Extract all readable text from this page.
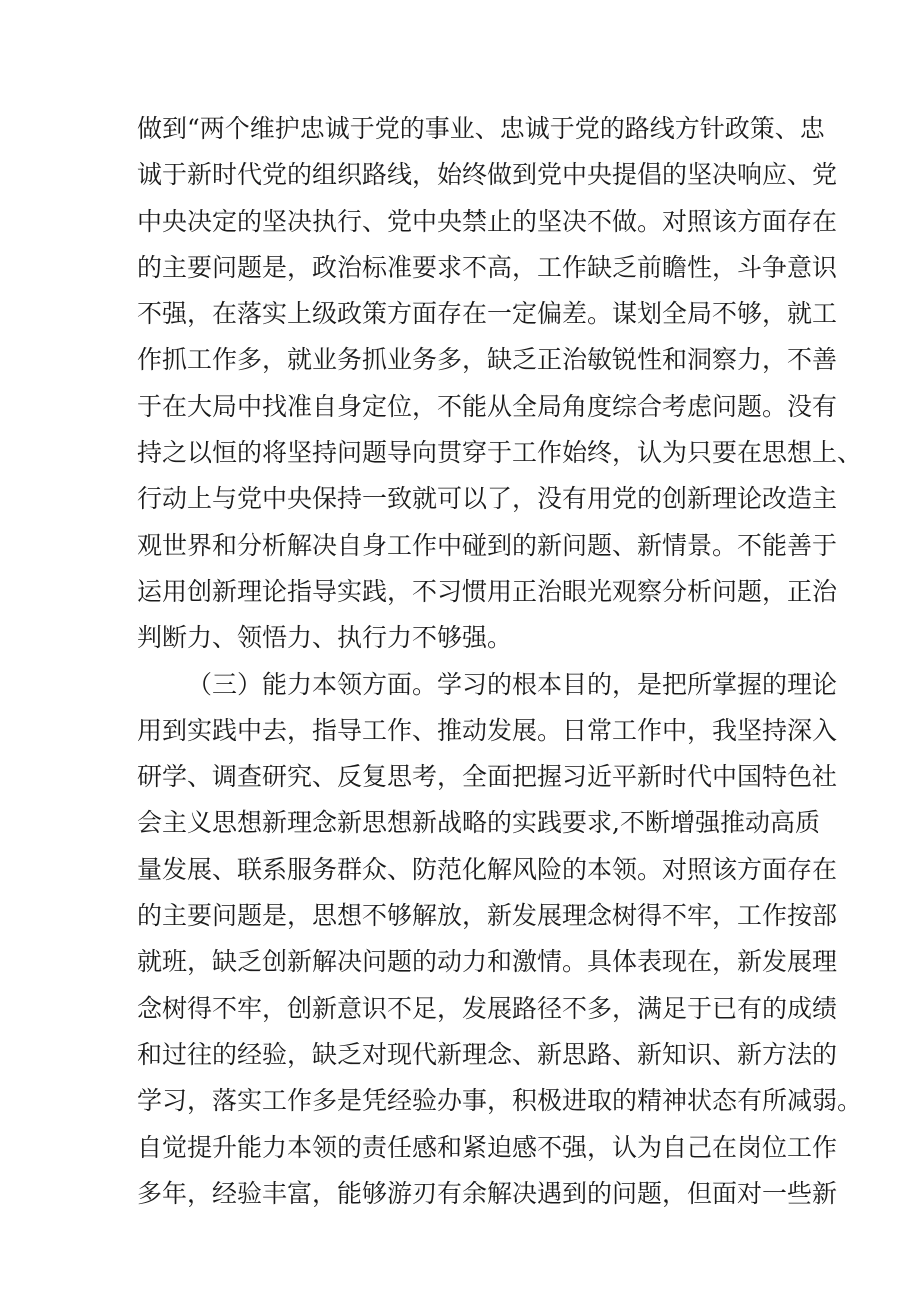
做到“两个维护忠诚于党的事业、忠诚于党的路线方针政策、忠
诚于新时代党的组织路线，始终做到党中央提倡的坚决响应、党
中央决定的坚决执行、党中央禁止的坚决不做。对照该方面存在
的主要问题是，政治标准要求不高，工作缺乏前瞻性，斗争意识
不强，在落实上级政策方面存在一定偏差。谋划全局不够，就工
作抓工作多，就业务抓业务多，缺乏正治敏锐性和洞察力，不善
于在大局中找准自身定位，不能从全局角度综合考虑问题。没有
持之以恒的将坚持问题导向贯穿于工作始终，认为只要在思想上、
行动上与党中央保持一致就可以了，没有用党的创新理论改造主
观世界和分析解决自身工作中碰到的新问题、新情景。不能善于
运用创新理论指导实践，不习惯用正治眼光观察分析问题，正治
判断力、领悟力、执行力不够强。
（三）能力本领方面。学习的根本目的，是把所掌握的理论
用到实践中去，指导工作、推动发展。日常工作中，我坚持深入
研学、调查研究、反复思考，全面把握习近平新时代中国特色社
会主义思想新理念新思想新战略的实践要求,不断增强推动高质
量发展、联系服务群众、防范化解风险的本领。对照该方面存在
的主要问题是，思想不够解放，新发展理念树得不牢，工作按部
就班，缺乏创新解决问题的动力和激情。具体表现在，新发展理
念树得不牢，创新意识不足，发展路径不多，满足于已有的成绩
和过往的经验，缺乏对现代新理念、新思路、新知识、新方法的
学习，落实工作多是凭经验办事，积极进取的精神状态有所减弱。
自觉提升能力本领的责任感和紧迫感不强，认为自己在岗位工作
多年，经验丰富，能够游刃有余解决遇到的问题，但面对一些新
